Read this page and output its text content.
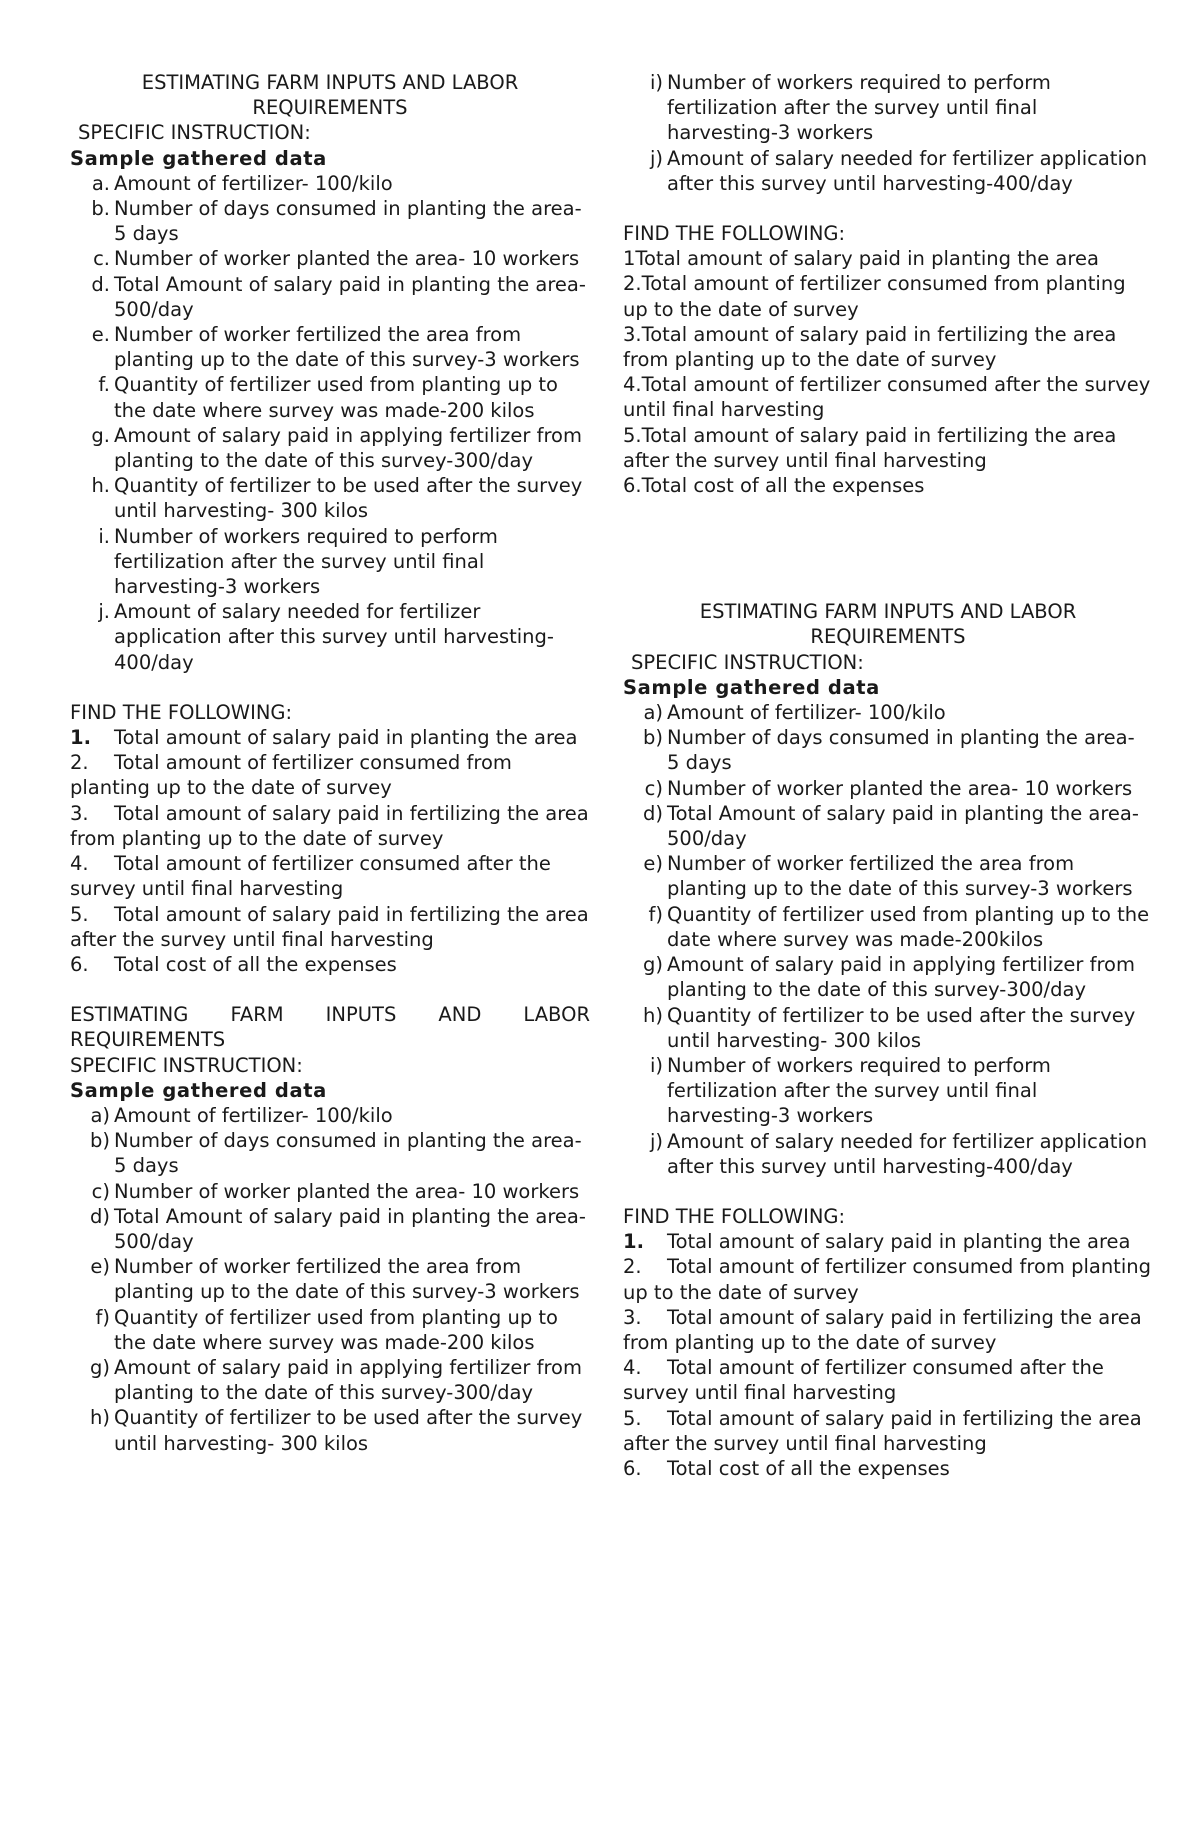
ESTIMATING FARM INPUTS AND LABOR
REQUIREMENTS
SPECIFIC INSTRUCTION:
Sample gathered data
a. Amount of fertilizer- 100/kilo
b. Number of days consumed in planting the area- 5 days
c. Number of worker planted the area- 10 workers
d. Total Amount of salary paid in planting the area-500/day
e. Number of worker fertilized the area from planting up to the date of this survey-3 workers
f. Quantity of fertilizer used from planting up to the date where survey was made-200 kilos
g. Amount of salary paid in applying fertilizer from planting to the date of this survey-300/day
h. Quantity of fertilizer to be used after the survey until harvesting- 300 kilos
i. Number of workers required to perform fertilization after the survey until final harvesting-3 workers
j. Amount of salary needed for fertilizer application after this survey until harvesting-400/day
FIND THE FOLLOWING:
1. Total amount of salary paid in planting the area
2. Total amount of fertilizer consumed from planting up to the date of survey
3. Total amount of salary paid in fertilizing the area from planting up to the date of survey
4. Total amount of fertilizer consumed after the survey until final harvesting
5. Total amount of salary paid in fertilizing the area after the survey until final harvesting
6. Total cost of all the expenses
ESTIMATING FARM INPUTS AND LABOR
REQUIREMENTS
SPECIFIC INSTRUCTION:
Sample gathered data
a) Amount of fertilizer- 100/kilo
b) Number of days consumed in planting the area- 5 days
c) Number of worker planted the area- 10 workers
d) Total Amount of salary paid in planting the area-500/day
e) Number of worker fertilized the area from planting up to the date of this survey-3 workers
f) Quantity of fertilizer used from planting up to the date where survey was made-200 kilos
g) Amount of salary paid in applying fertilizer from planting to the date of this survey-300/day
h) Quantity of fertilizer to be used after the survey until harvesting- 300 kilos
i) Number of workers required to perform fertilization after the survey until final harvesting-3 workers
j) Amount of salary needed for fertilizer application after this survey until harvesting-400/day
FIND THE FOLLOWING:
1Total amount of salary paid in planting the area
2.Total amount of fertilizer consumed from planting up to the date of survey
3.Total amount of salary paid in fertilizing the area from planting up to the date of survey
4.Total amount of fertilizer consumed after the survey until final harvesting
5.Total amount of salary paid in fertilizing the area after the survey until final harvesting
6.Total cost of all the expenses
ESTIMATING FARM INPUTS AND LABOR
REQUIREMENTS
SPECIFIC INSTRUCTION:
Sample gathered data
a) Amount of fertilizer- 100/kilo
b) Number of days consumed in planting the area- 5 days
c) Number of worker planted the area- 10 workers
d) Total Amount of salary paid in planting the area-500/day
e) Number of worker fertilized the area from planting up to the date of this survey-3 workers
f) Quantity of fertilizer used from planting up to the date where survey was made-200kilos
g) Amount of salary paid in applying fertilizer from planting to the date of this survey-300/day
h) Quantity of fertilizer to be used after the survey until harvesting- 300 kilos
i) Number of workers required to perform fertilization after the survey until final harvesting-3 workers
j) Amount of salary needed for fertilizer application after this survey until harvesting-400/day
FIND THE FOLLOWING:
1. Total amount of salary paid in planting the area
2. Total amount of fertilizer consumed from planting up to the date of survey
3. Total amount of salary paid in fertilizing the area from planting up to the date of survey
4. Total amount of fertilizer consumed after the survey until final harvesting
5. Total amount of salary paid in fertilizing the area after the survey until final harvesting
6. Total cost of all the expenses
